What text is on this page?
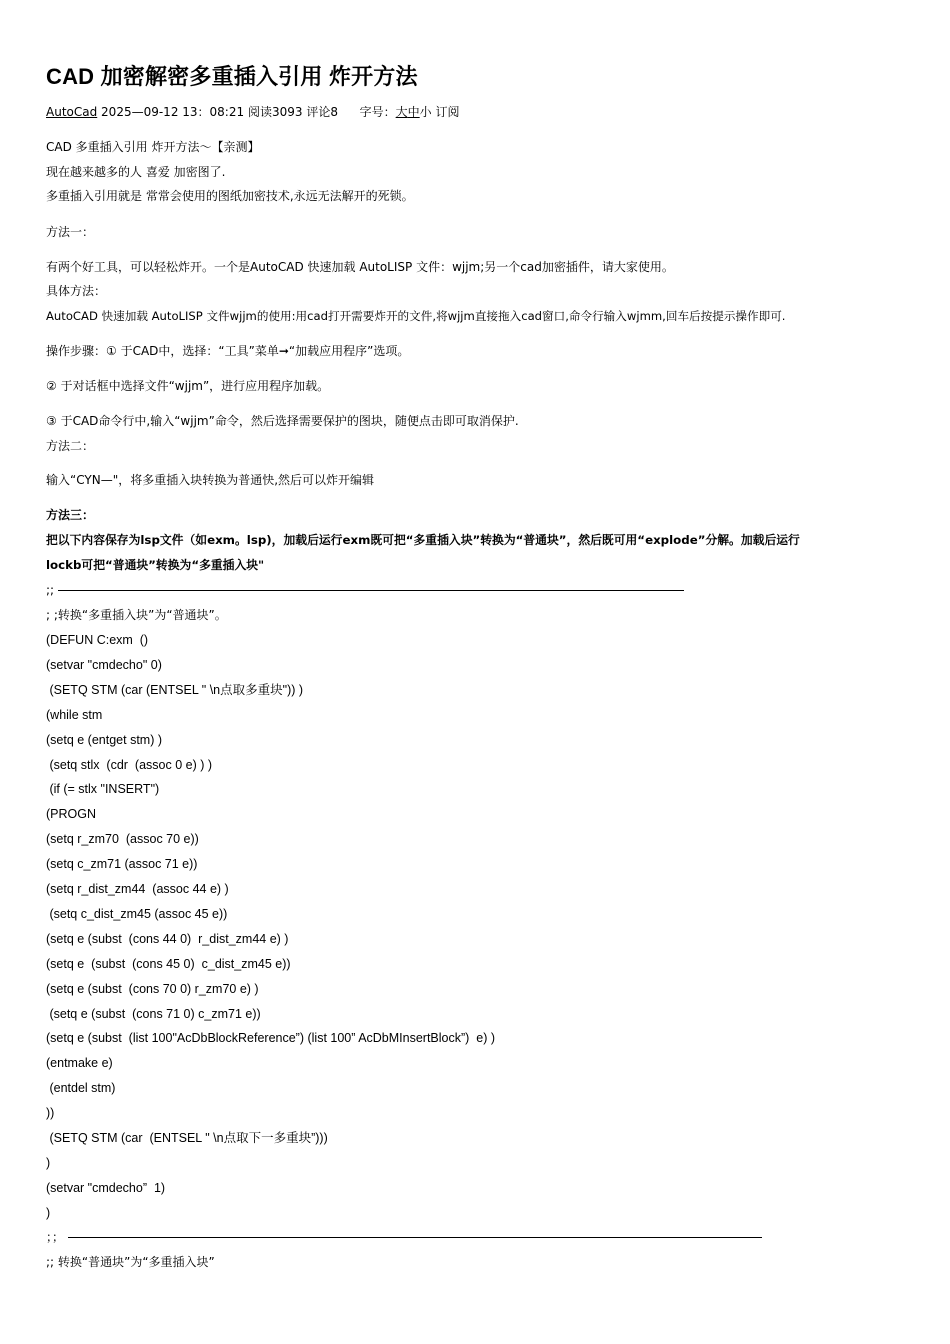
CAD 加密解密多重插入引用 炸开方法
AutoCad 2025—09-12 13：08:21 阅读3093 评论8 字号：大中小 订阅
CAD 多重插入引用 炸开方法～【亲测】
现在越来越多的人 喜爱 加密图了.
多重插入引用就是 常常会使用的图纸加密技术,永远无法解开的死锁。
方法一：
有两个好工具，可以轻松炸开。一个是AutoCAD 快速加载 AutoLISP 文件：wjjm;另一个cad加密插件，请大家使用。
具体方法：
AutoCAD 快速加载 AutoLISP 文件wjjm的使用:用cad打开需要炸开的文件,将wjjm直接拖入cad窗口,命令行输入wjmm,回车后按提示操作即可.
操作步骤：① 于CAD中，选择：“工具”菜单➞“加载应用程序”选项。
② 于对话框中选择文件“wjjm”，进行应用程序加载。
③ 于CAD命令行中,输入“wjjm”命令，然后选择需要保护的图块，随便点击即可取消保护.
方法二：
输入“CYN—"，将多重插入块转换为普通快,然后可以炸开编辑
方法三：
把以下内容保存为lsp文件（如exm。lsp)，加载后运行exm既可把“多重插入块”转换为“普通块”，然后既可用“explode”分解。加载后运行
lockb可把“普通块”转换为“多重插入块"
;;
; ;转换“多重插入块”为“普通块”。
(DEFUN C:exm  ()
(setvar "cmdecho" 0)
(SETQ STM (car (ENTSEL " \n点取多重块")) )
(while stm
(setq e (entget stm) )
(setq stlx  (cdr  (assoc 0 e) ) )
(if (= stlx "INSERT")
(PROGN
(setq r_zm70  (assoc 70 e))
(setq c_zm71 (assoc 71 e))
(setq r_dist_zm44  (assoc 44 e) )
(setq c_dist_zm45 (assoc 45 e))
(setq e (subst  (cons 44 0)  r_dist_zm44 e) )
(setq e  (subst  (cons 45 0)  c_dist_zm45 e))
(setq e (subst  (cons 70 0) r_zm70 e) )
(setq e (subst  (cons 71 0) c_zm71 e))
(setq e (subst  (list 100"AcDbBlockReference”) (list 100” AcDbMInsertBlock”)  e) )
(entmake e)
(entdel stm)
))
(SETQ STM (car  (ENTSEL " \n点取下一多重块”)))
)
(setvar "cmdecho”  1)
)
；；
;; 转换“普通块”为“多重插入块”
